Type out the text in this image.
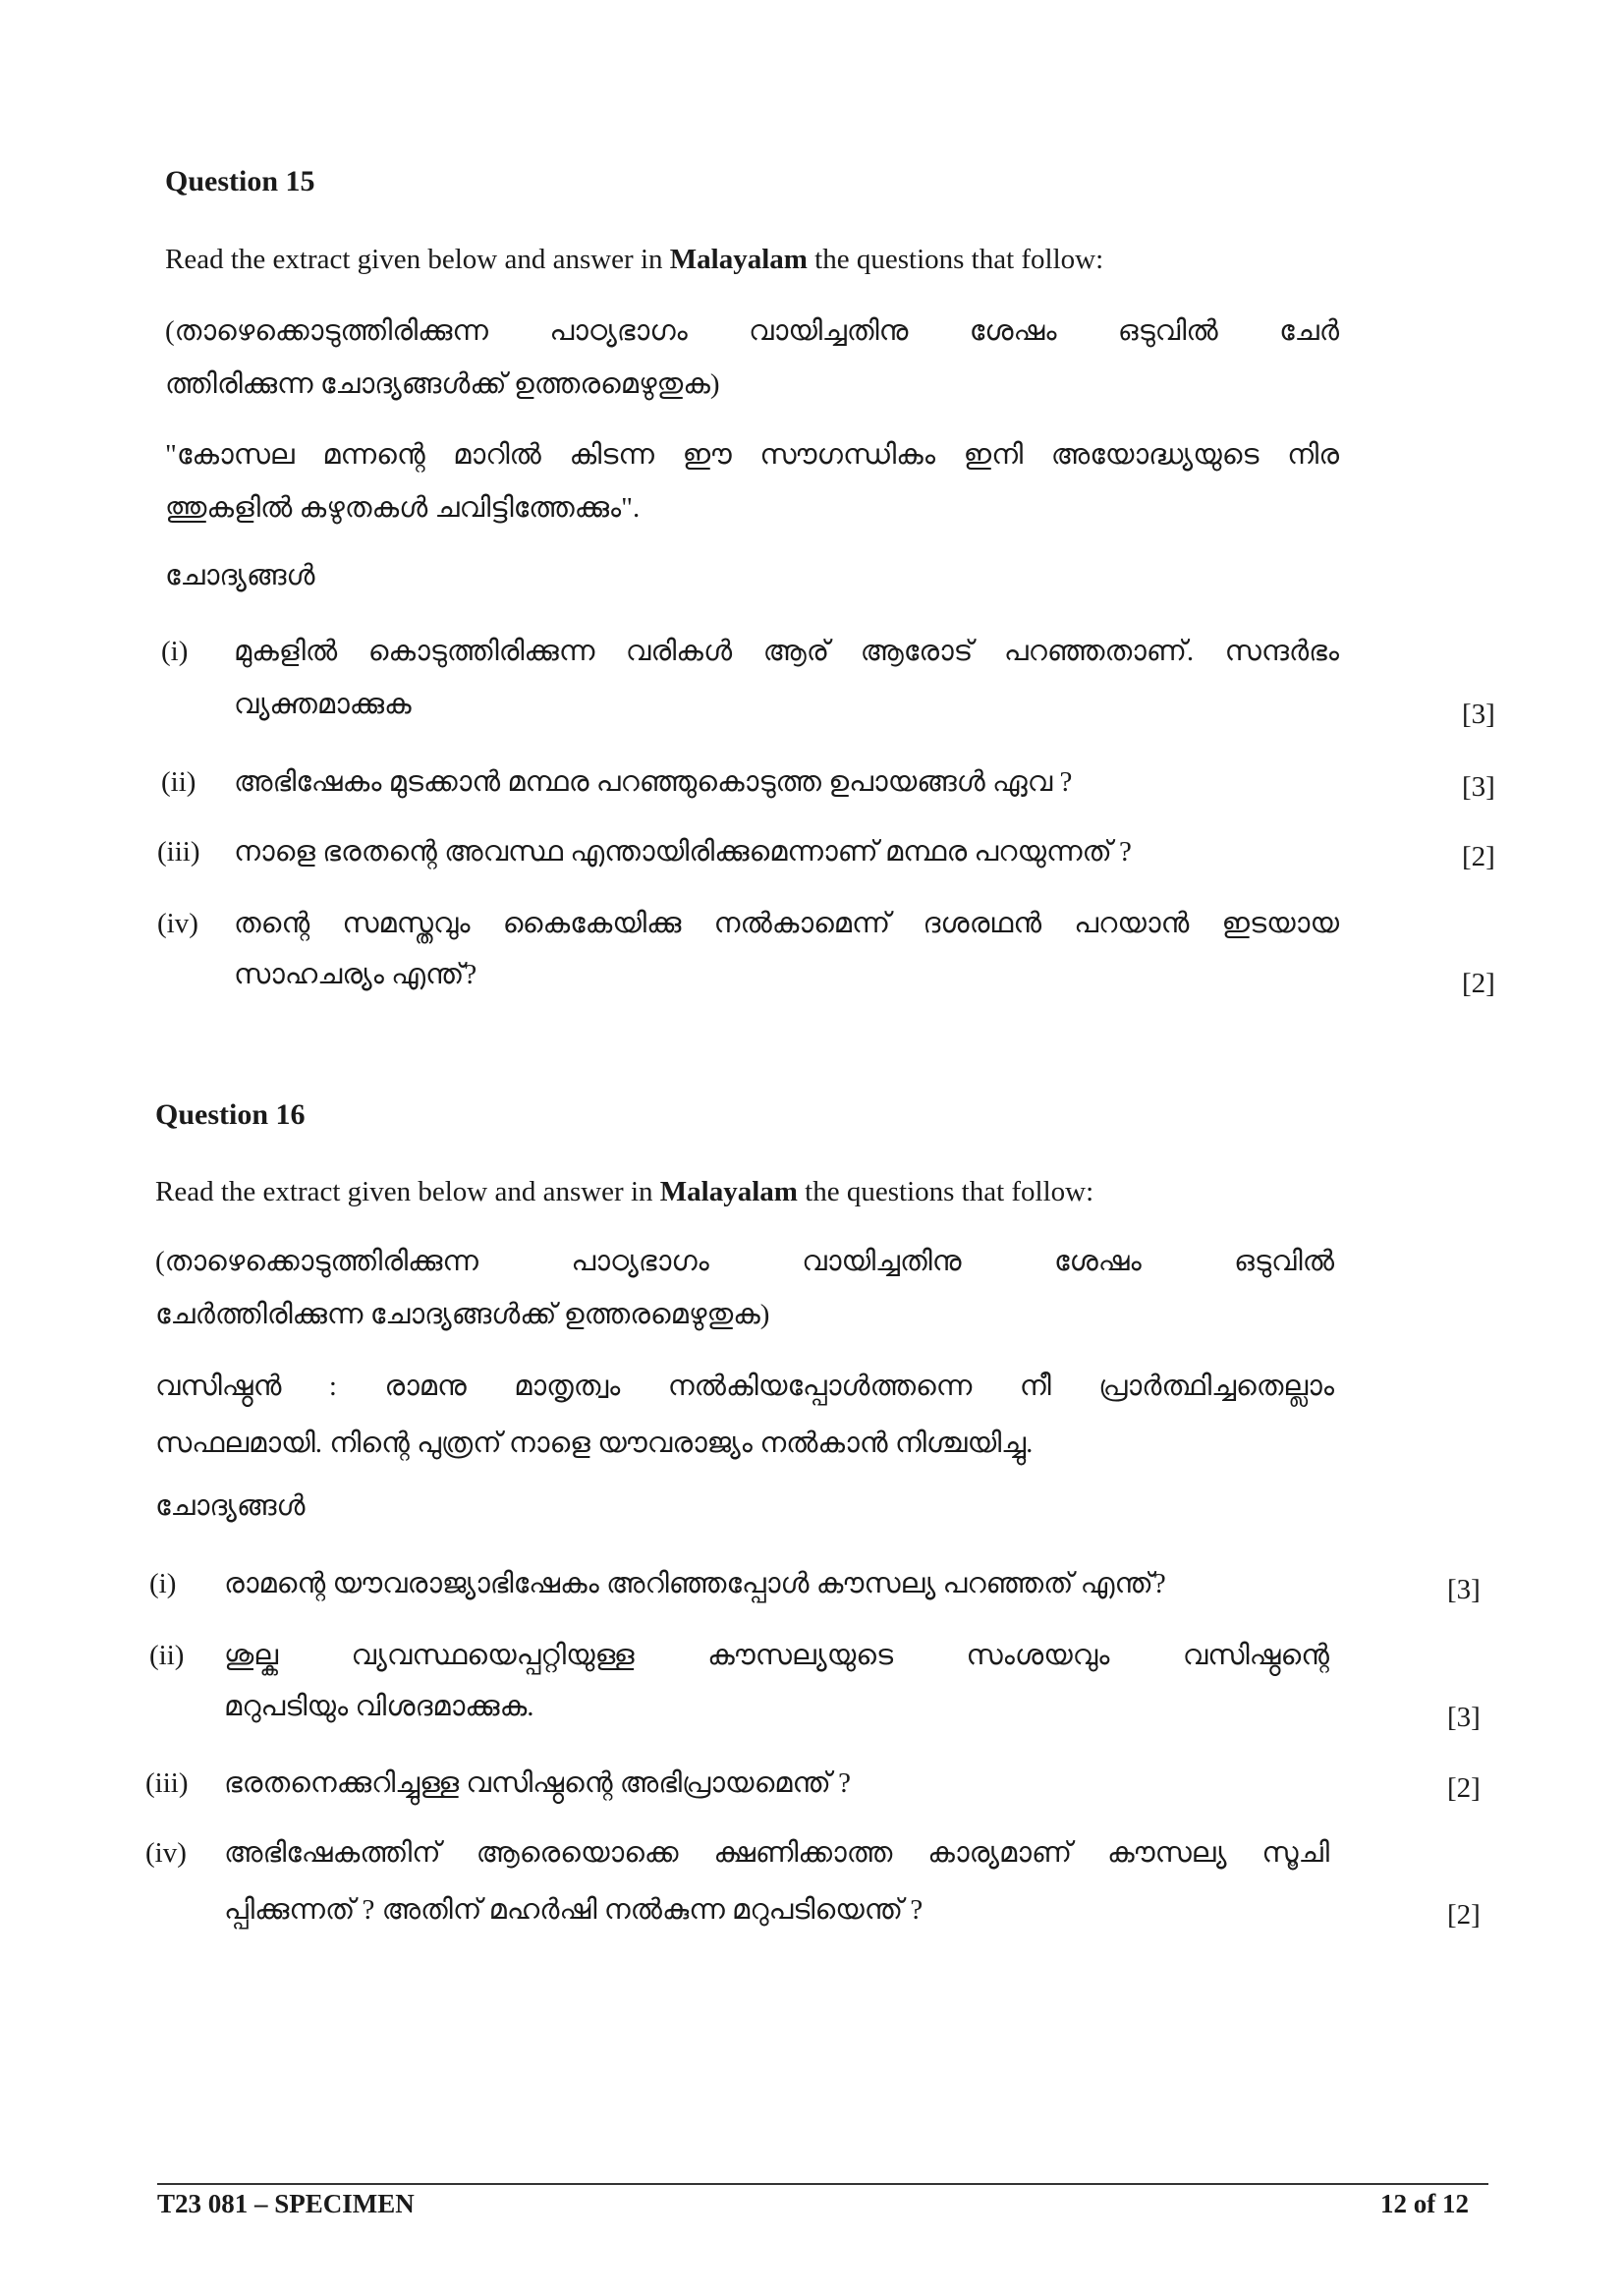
Question 15
Read the extract given below and answer in Malayalam the questions that follow:
(താഴെക്കൊടുത്തിരിക്കുന്ന പാഠ്യഭാഗം വായിച്ചതിനു ശേഷം ഒടുവിൽ ചേർ
ത്തിരിക്കുന്ന ചോദ്യങ്ങൾക്ക് ഉത്തരമെഴുതുക)
"കോസല മന്നന്റെ മാറിൽ കിടന്ന ഈ സൗഗന്ധികം ഇനി അയോദ്ധ്യയുടെ നിര
ത്തുകളിൽ കഴുതകൾ ചവിട്ടിത്തേക്കും".
ചോദ്യങ്ങൾ
(i) മുകളിൽ കൊടുത്തിരിക്കുന്ന വരികൾ ആര് ആരോട് പറഞ്ഞതാണ്. സന്ദർഭം
വ്യക്തമാക്കുക	[3]
(ii) അഭിഷേകം മുടക്കാൻ മന്ഥര പറഞ്ഞുകൊടുത്ത ഉപായങ്ങൾ ഏവ ?	[3]
(iii) നാളെ ഭരതന്റെ അവസ്ഥ എന്തായിരിക്കുമെന്നാണ് മന്ഥര പറയുന്നത് ?	[2]
(iv) തന്റെ സമസ്തവും കൈകേയിക്കു നൽകാമെന്ന് ദശരഥൻ പറയാൻ ഇടയായ
സാഹചര്യം എന്ത്?	[2]
Question 16
Read the extract given below and answer in Malayalam the questions that follow:
(താഴെക്കൊടുത്തിരിക്കുന്ന പാഠ്യഭാഗം വായിച്ചതിനു ശേഷം ഒടുവിൽ
ചേർത്തിരിക്കുന്ന ചോദ്യങ്ങൾക്ക് ഉത്തരമെഴുതുക)
വസിഷ്ഠൻ : രാമനു മാതൃത്വം നൽകിയപ്പോൾത്തന്നെ നീ പ്രാർത്ഥിച്ചതെല്ലാം
സഫലമായി. നിന്റെ പുത്രന് നാളെ യൗവരാജ്യം നൽകാൻ നിശ്ചയിച്ചു.
ചോദ്യങ്ങൾ
(i) രാമന്റെ യൗവരാജ്യാഭിഷേകം അറിഞ്ഞപ്പോൾ കൗസല്യ പറഞ്ഞത് എന്ത്?	[3]
(ii) ശുല്ക വ്യവസ്ഥയെപ്പറ്റിയുള്ള കൗസല്യയുടെ സംശയവും വസിഷ്ഠന്റെ
മറുപടിയും വിശദമാക്കുക.	[3]
(iii) ഭരതനെക്കുറിച്ചുള്ള വസിഷ്ഠന്റെ അഭിപ്രായമെന്ത് ?	[2]
(iv) അഭിഷേകത്തിന് ആരെയൊക്കെ ക്ഷണിക്കാത്ത കാര്യമാണ് കൗസല്യ സൂചി
പ്പിക്കുന്നത് ? അതിന് മഹർഷി നൽകുന്ന മറുപടിയെന്ത് ?	[2]
T23 081 – SPECIMEN	12 of 12
